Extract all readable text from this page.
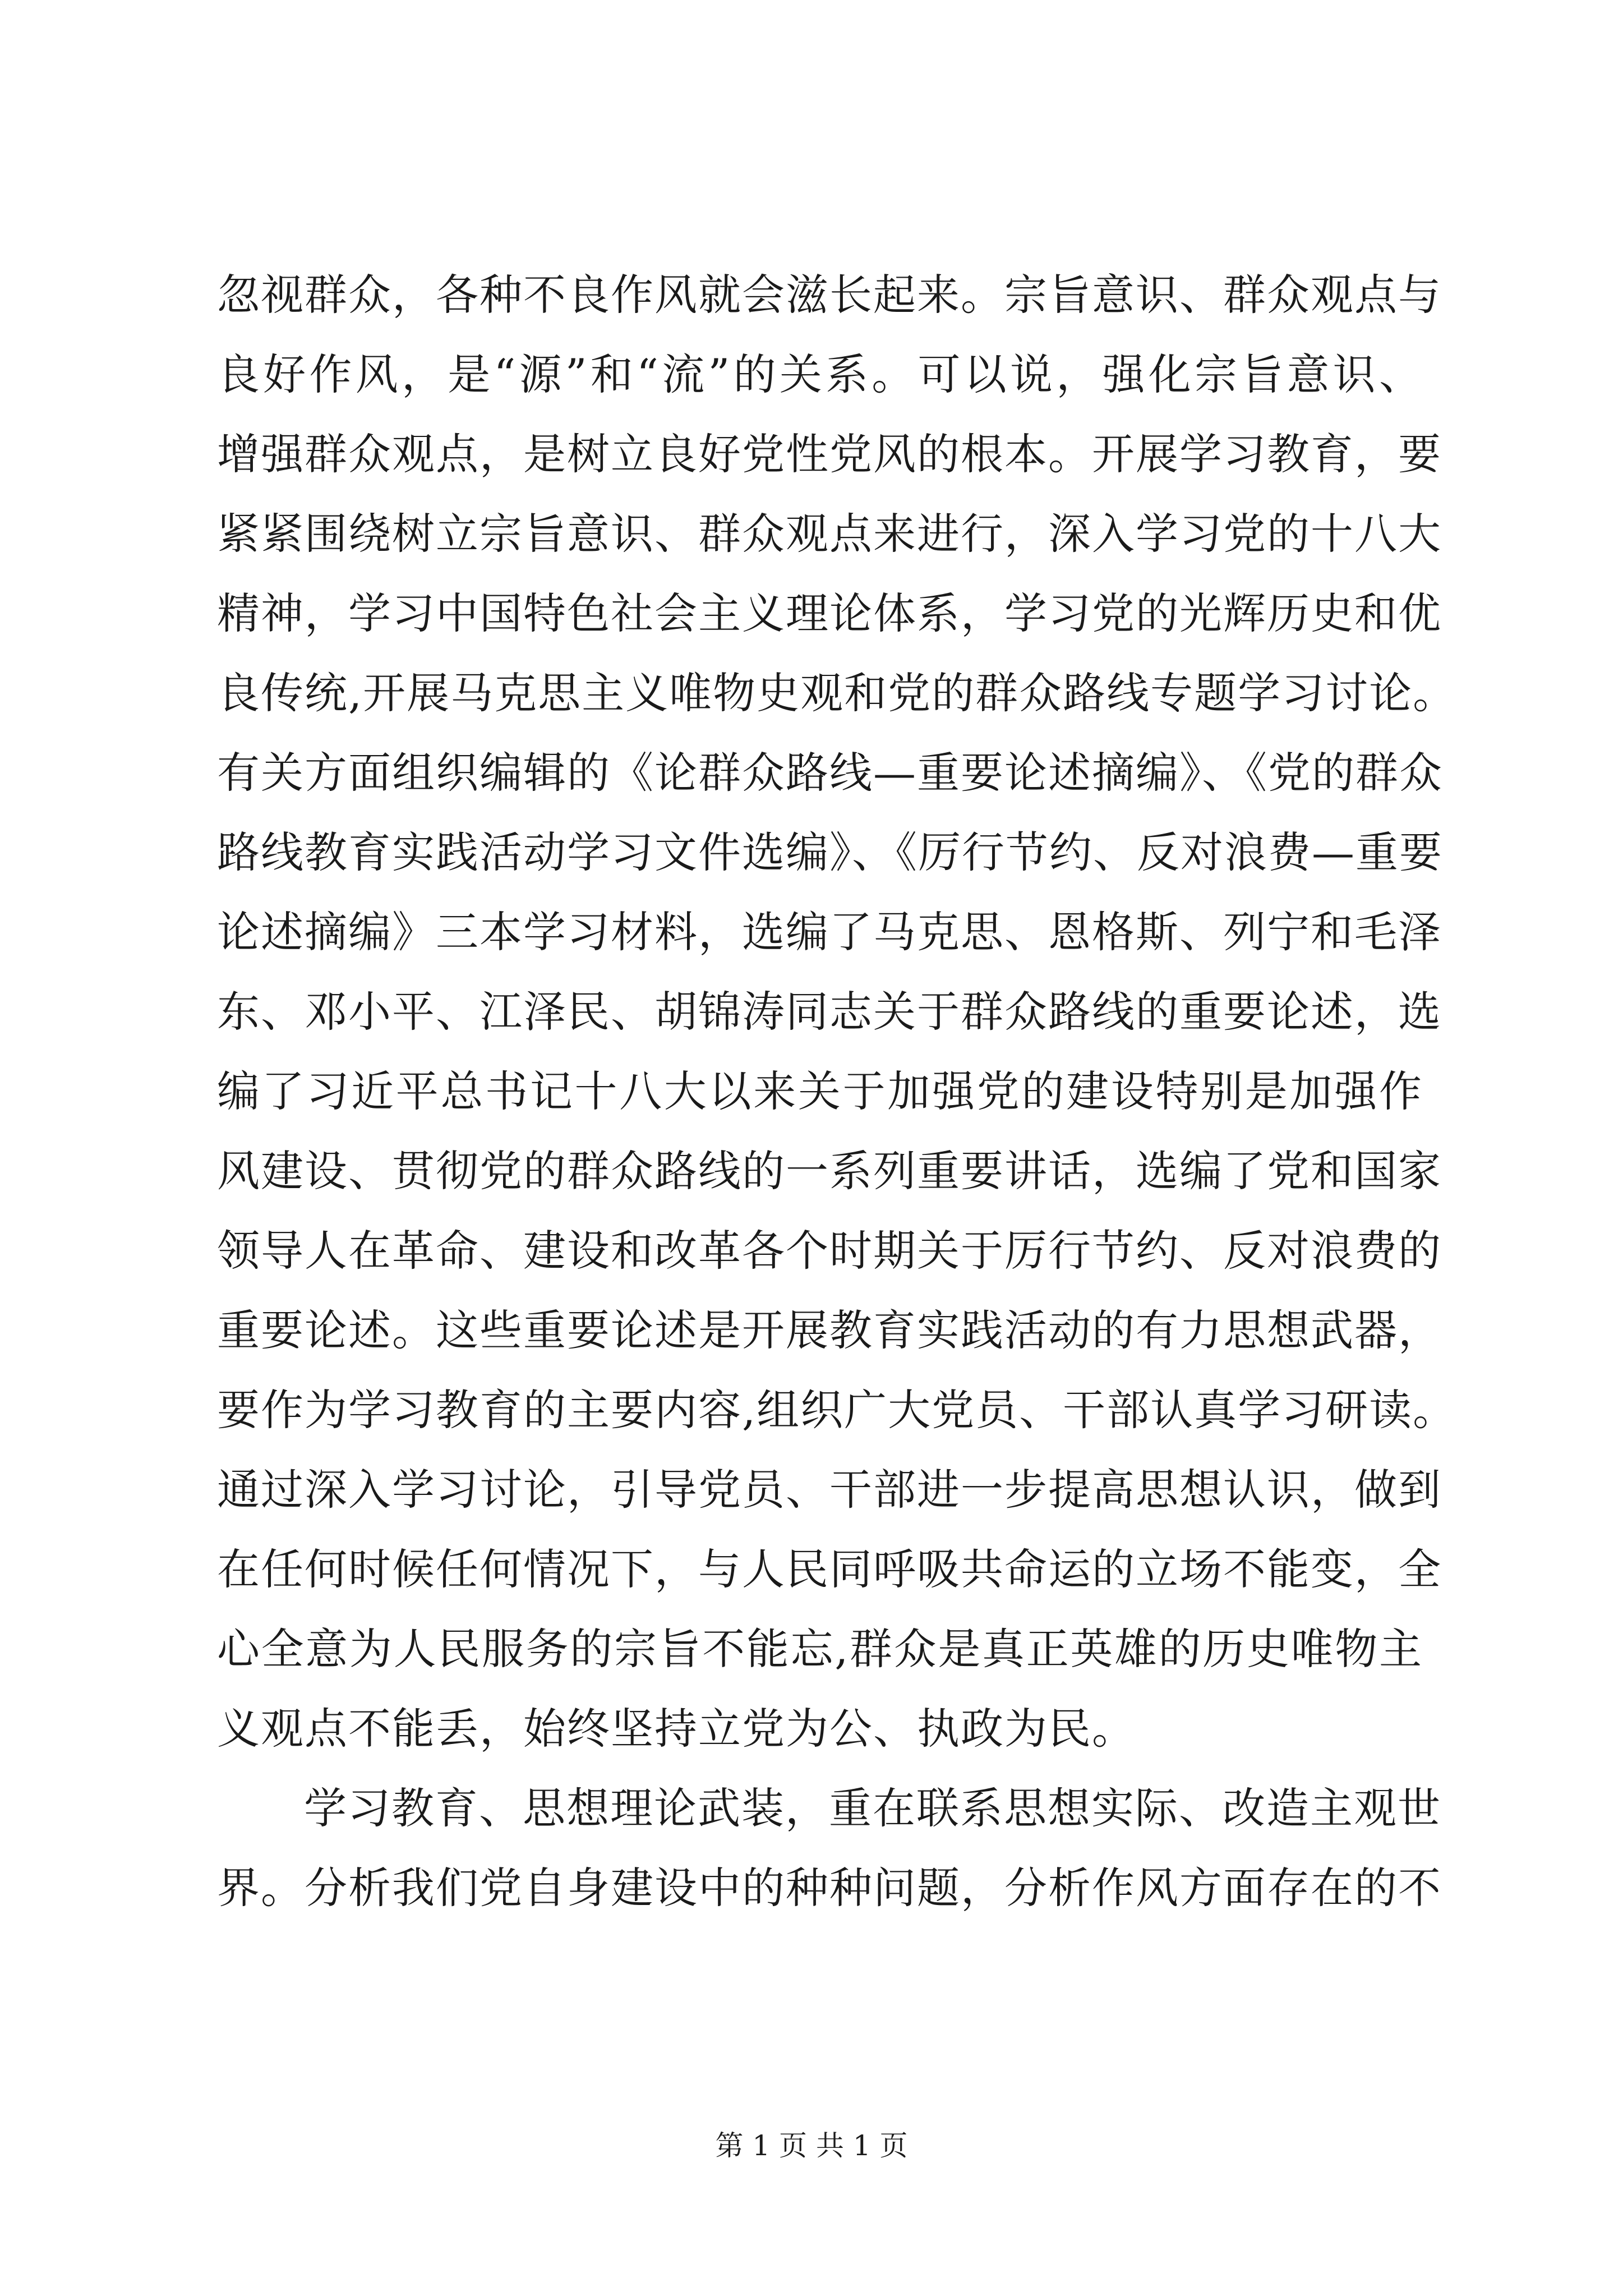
忽视群众，各种不良作风就会滋长起来。宗旨意识、群众观点与
良好作风，是“源”和“流”的关系。可以说，强化宗旨意识、
增强群众观点，是树立良好党性党风的根本。开展学习教育，要
紧紧围绕树立宗旨意识、群众观点来进行，深入学习党的十八大
精神，学习中国特色社会主义理论体系，学习党的光辉历史和优
良传统,开展马克思主义唯物史观和党的群众路线专题学习讨论。
有关方面组织编辑的《论群众路线—重要论述摘编》、《党的群众
路线教育实践活动学习文件选编》、《厉行节约、反对浪费—重要
论述摘编》三本学习材料，选编了马克思、恩格斯、列宁和毛泽
东、邓小平、江泽民、胡锦涛同志关于群众路线的重要论述，选
编了习近平总书记十八大以来关于加强党的建设特别是加强作
风建设、贯彻党的群众路线的一系列重要讲话，选编了党和国家
领导人在革命、建设和改革各个时期关于厉行节约、反对浪费的
重要论述。这些重要论述是开展教育实践活动的有力思想武器，
要作为学习教育的主要内容,组织广大党员、干部认真学习研读。
通过深入学习讨论，引导党员、干部进一步提高思想认识，做到
在任何时候任何情况下，与人民同呼吸共命运的立场不能变，全
心全意为人民服务的宗旨不能忘,群众是真正英雄的历史唯物主
义观点不能丢，始终坚持立党为公、执政为民。
学习教育、思想理论武装，重在联系思想实际、改造主观世
界。分析我们党自身建设中的种种问题，分析作风方面存在的不
第 1 页 共 1 页
